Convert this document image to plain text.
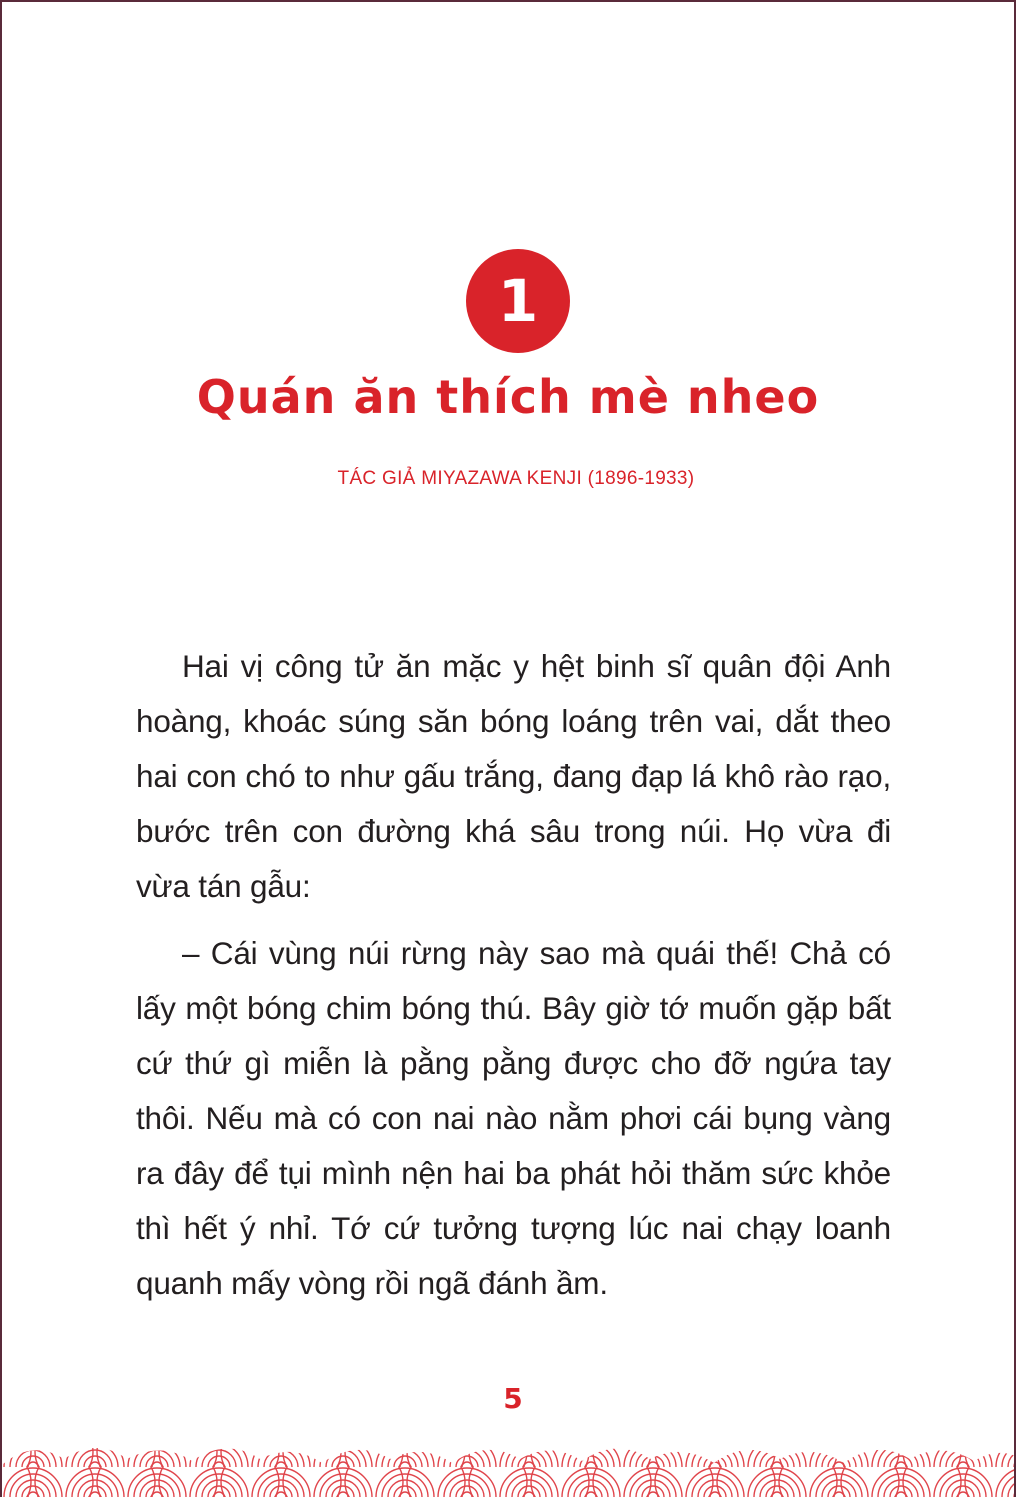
1
Quán ăn thích mè nheo
TÁC GIẢ MIYAZAWA KENJI (1896-1933)

Hai vị công tử ăn mặc y hệt binh sĩ quân đội Anh hoàng, khoác súng săn bóng loáng trên vai, dắt theo hai con chó to như gấu trắng, đang đạp lá khô rào rạo, bước trên con đường khá sâu trong núi. Họ vừa đi vừa tán gẫu:

– Cái vùng núi rừng này sao mà quái thế! Chả có lấy một bóng chim bóng thú. Bây giờ tớ muốn gặp bất cứ thứ gì miễn là pằng pằng được cho đỡ ngứa tay thôi. Nếu mà có con nai nào nằm phơi cái bụng vàng ra đây để tụi mình nện hai ba phát hỏi thăm sức khỏe thì hết ý nhỉ. Tớ cứ tưởng tượng lúc nai chạy loanh quanh mấy vòng rồi ngã đánh ầm.

5
